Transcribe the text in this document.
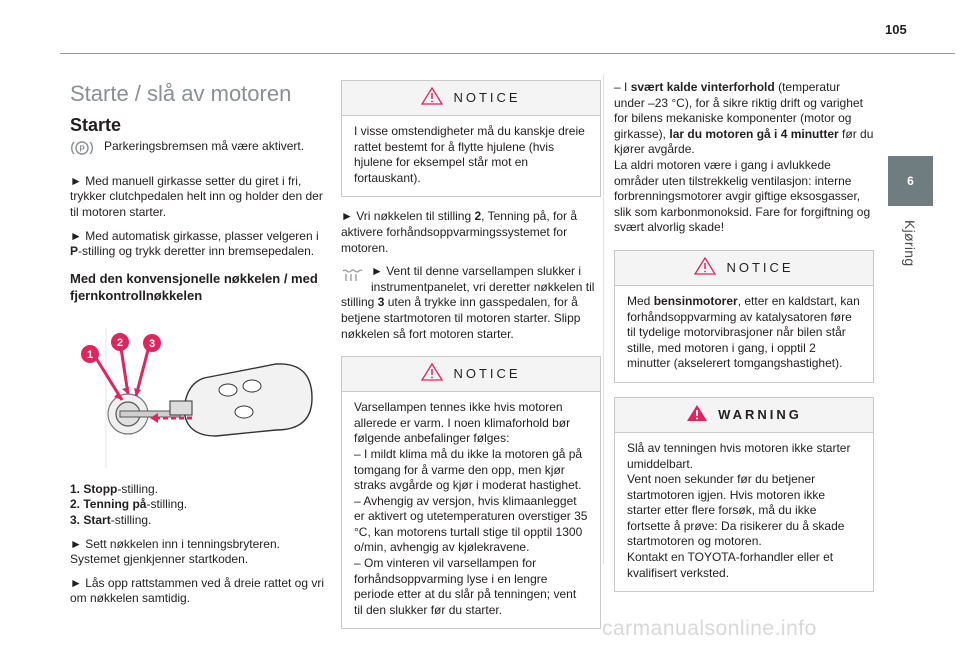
105
6
Kjøring
Starte / slå av motoren
Starte
P Parkeringsbremsen må være aktivert.

► Med manuell girkasse setter du giret i fri, trykker clutchpedalen helt inn og holder den der til motoren starter.

► Med automatisk girkasse, plasser velgeren i P-stilling og trykk deretter inn bremsepedalen.

Med den konvensjonelle nøkkelen / med fjernkontrollnøkkelen
1
2 3
1. Stopp-stilling.
2. Tenning på-stilling.
3. Start-stilling.

► Sett nøkkelen inn i tenningsbryteren. Systemet gjenkjenner startkoden.

► Lås opp rattstammen ved å dreie rattet og vri om nøkkelen samtidig.

NOTICE
I visse omstendigheter må du kanskje dreie rattet bestemt for å flytte hjulene (hvis hjulene for eksempel står mot en fortauskant).

► Vri nøkkelen til stilling 2, Tenning på, for å aktivere forhåndsoppvarmingssystemet for motoren.

► Vent til denne varsellampen slukker i instrumentpanelet, vri deretter nøkkelen til stilling 3 uten å trykke inn gasspedalen, for å betjene startmotoren til motoren starter. Slipp nøkkelen så fort motoren starter.

NOTICE
Varsellampen tennes ikke hvis motoren allerede er varm. I noen klimaforhold bør følgende anbefalinger følges:
– I mildt klima må du ikke la motoren gå på tomgang for å varme den opp, men kjør straks avgårde og kjør i moderat hastighet.
– Avhengig av versjon, hvis klimaanlegget er aktivert og utetemperaturen overstiger 35 °C, kan motorens turtall stige til opptil 1300 o/min, avhengig av kjølekravene.
– Om vinteren vil varsellampen for forhåndsoppvarming lyse i en lengre periode etter at du slår på tenningen; vent til den slukker før du starter.

– I svært kalde vinterforhold (temperatur under –23 °C), for å sikre riktig drift og varighet for bilens mekaniske komponenter (motor og girkasse), lar du motoren gå i 4 minutter før du kjører avgårde.

La aldri motoren være i gang i avlukkede områder uten tilstrekkelig ventilasjon: interne forbrenningsmotorer avgir giftige eksosgasser, slik som karbonmonoksid. Fare for forgiftning og svært alvorlig skade!

NOTICE
Med bensinmotorer, etter en kaldstart, kan forhåndsoppvarming av katalysatoren føre til tydelige motorvibrasjoner når bilen står stille, med motoren i gang, i opptil 2 minutter (akselerert tomgangshastighet).
WARNING
Slå av tenningen hvis motoren ikke starter umiddelbart.
Vent noen sekunder før du betjener startmotoren igjen. Hvis motoren ikke starter etter flere forsøk, må du ikke fortsette å prøve: Da risikerer du å skade startmotoren og motoren.
Kontakt en TOYOTA-forhandler eller et kvalifisert verksted.
carmanualsonline.info
